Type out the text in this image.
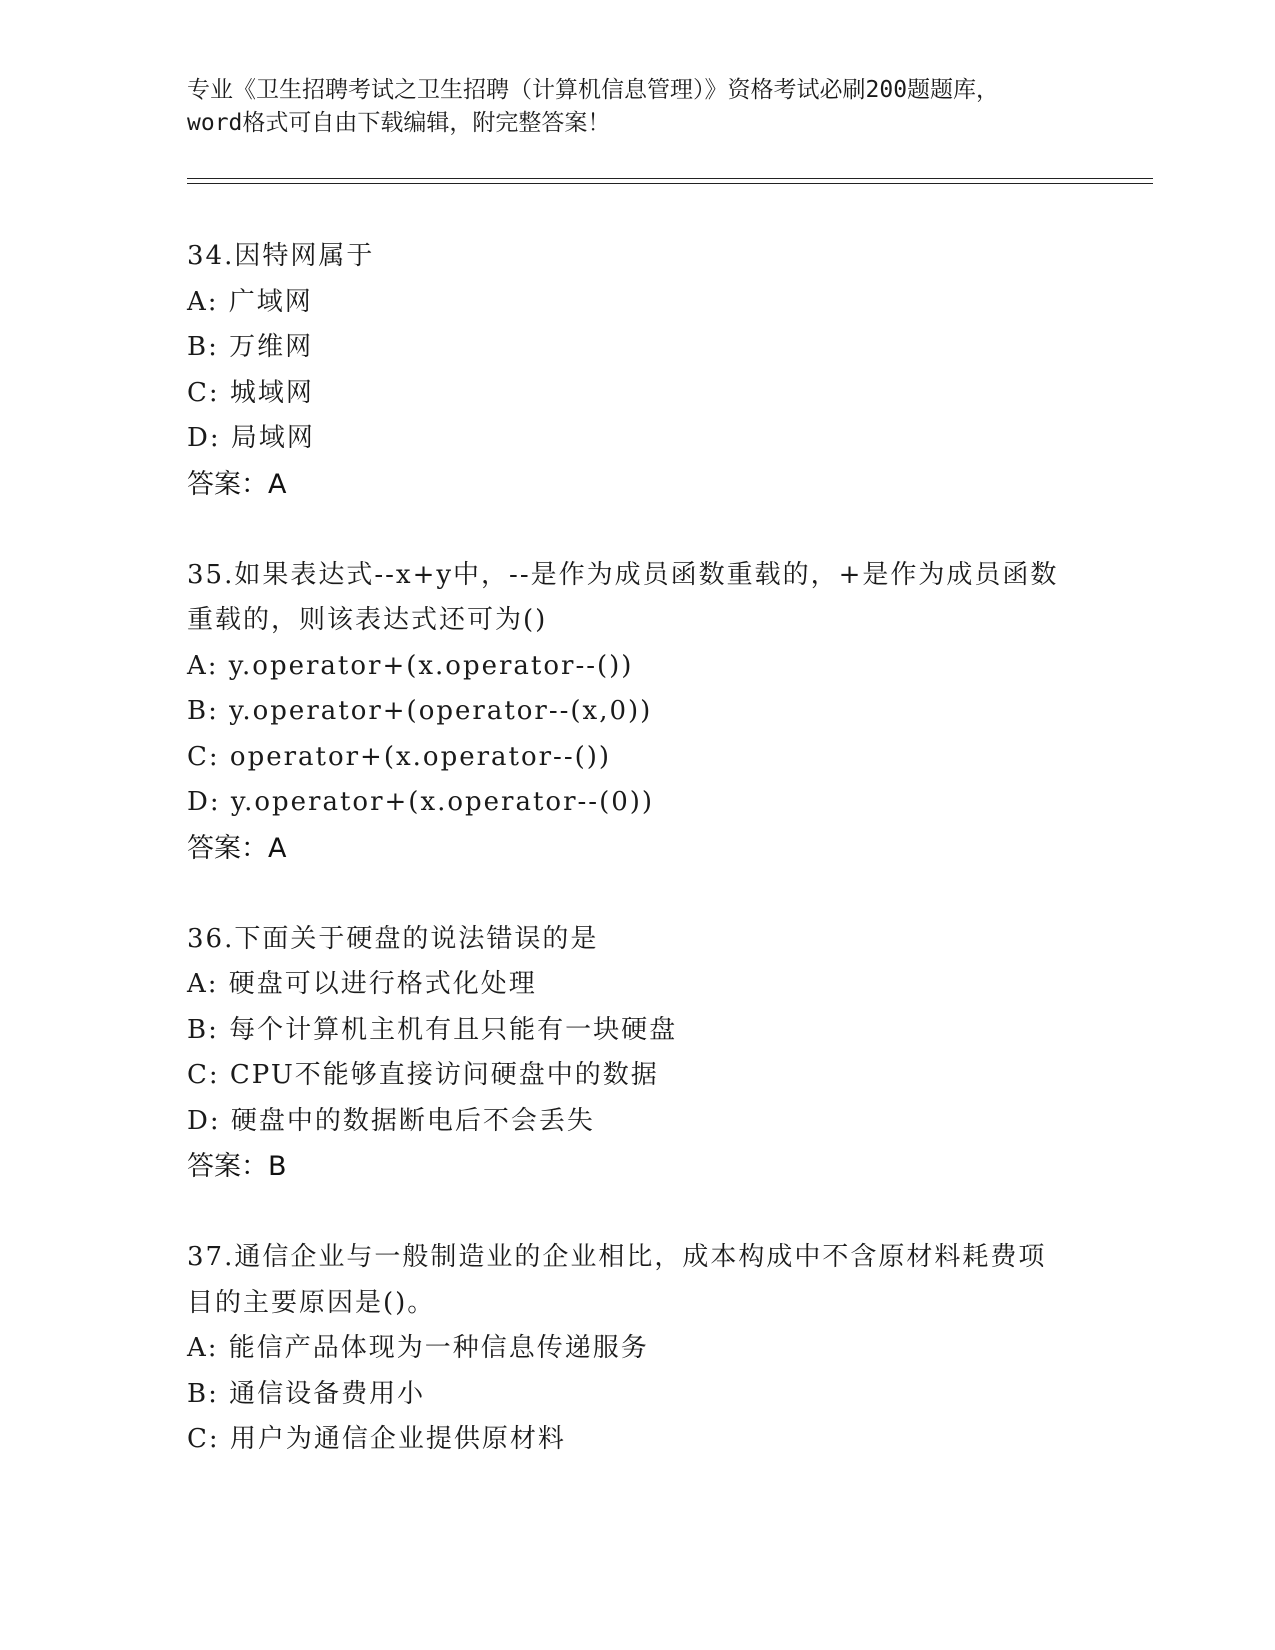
专业《卫生招聘考试之卫生招聘（计算机信息管理）》资格考试必刷200题题库，
word格式可自由下载编辑，附完整答案！
34.因特网属于
A: 广域网
B: 万维网
C: 城域网
D: 局域网
答案：A
35.如果表达式--x+y中，--是作为成员函数重载的，+是作为成员函数
重载的，则该表达式还可为()
A: y.operator+(x.operator--())
B: y.operator+(operator--(x,0))
C: operator+(x.operator--())
D: y.operator+(x.operator--(0))
答案：A
36.下面关于硬盘的说法错误的是
A: 硬盘可以进行格式化处理
B: 每个计算机主机有且只能有一块硬盘
C: CPU不能够直接访问硬盘中的数据
D: 硬盘中的数据断电后不会丢失
答案：B
37.通信企业与一般制造业的企业相比，成本构成中不含原材料耗费项
目的主要原因是()。
A: 能信产品体现为一种信息传递服务
B: 通信设备费用小
C: 用户为通信企业提供原材料
